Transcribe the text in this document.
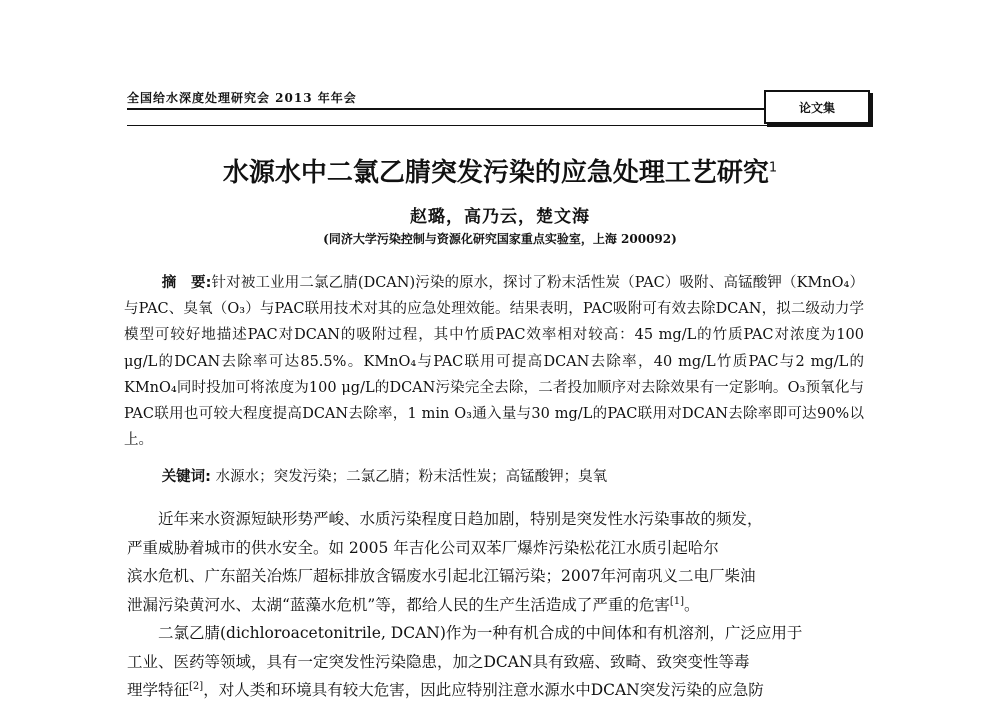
全国给水深度处理研究会 2013 年年会
论文集
水源水中二氯乙腈突发污染的应急处理工艺研究$^1$
赵璐，高乃云，楚文海
(同济大学污染控制与资源化研究国家重点实验室，上海 200092)
摘　要:针对被工业用二氯乙腈(DCAN)污染的原水，探讨了粉末活性炭（PAC）吸附、高锰酸钾（KMnO₄）与PAC、臭氧（O₃）与PAC联用技术对其的应急处理效能。结果表明，PAC吸附可有效去除DCAN，拟二级动力学模型可较好地描述PAC对DCAN的吸附过程，其中竹质PAC效率相对较高：45 mg/L的竹质PAC对浓度为100 μg/L的DCAN去除率可达85.5%。KMnO₄与PAC联用可提高DCAN去除率，40 mg/L竹质PAC与2 mg/L的KMnO₄同时投加可将浓度为100 μg/L的DCAN污染完全去除，二者投加顺序对去除效果有一定影响。O₃预氧化与PAC联用也可较大程度提高DCAN去除率，1 min O₃通入量与30 mg/L的PAC联用对DCAN去除率即可达90%以上。
关键词: 水源水；突发污染；二氯乙腈；粉末活性炭；高锰酸钾；臭氧

近年来水资源短缺形势严峻、水质污染程度日趋加剧，特别是突发性水污染事故的频发，
严重威胁着城市的供水安全。如 2005 年吉化公司双苯厂爆炸污染松花江水质引起哈尔
滨水危机、广东韶关冶炼厂超标排放含镉废水引起北江镉污染；2007年河南巩义二电厂柴油
泄漏污染黄河水、太湖“蓝藻水危机”等，都给人民的生产生活造成了严重的危害[1]。

二氯乙腈(dichloroacetonitrile, DCAN)作为一种有机合成的中间体和有机溶剂，广泛应用于
工业、医药等领域，具有一定突发性污染隐患，加之DCAN具有致癌、致畸、致突变性等毒
理学特征[2]，对人类和环境具有较大危害，因此应特别注意水源水中DCAN突发污染的应急防
